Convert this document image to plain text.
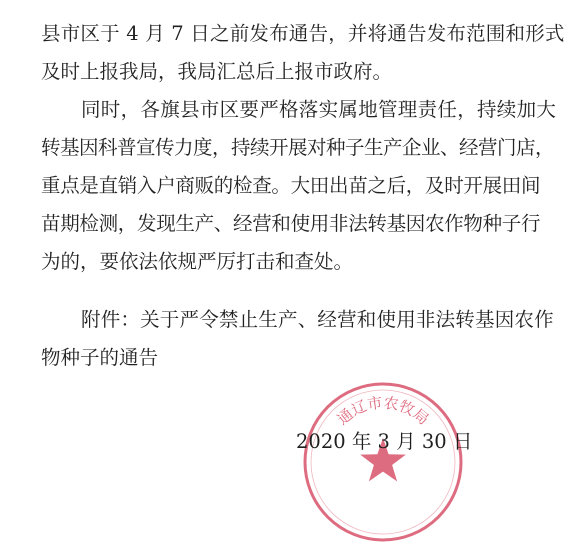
县市区于 4 月 7 日之前发布通告，并将通告发布范围和形式
及时上报我局，我局汇总后上报市政府。
同时，各旗县市区要严格落实属地管理责任，持续加大
转基因科普宣传力度，持续开展对种子生产企业、经营门店，
重点是直销入户商贩的检查。大田出苗之后，及时开展田间
苗期检测，发现生产、经营和使用非法转基因农作物种子行
为的，要依法依规严厉打击和查处。
附件：关于严令禁止生产、经营和使用非法转基因农作
物种子的通告
通辽市农牧局
2020 年 3 月 30 日
